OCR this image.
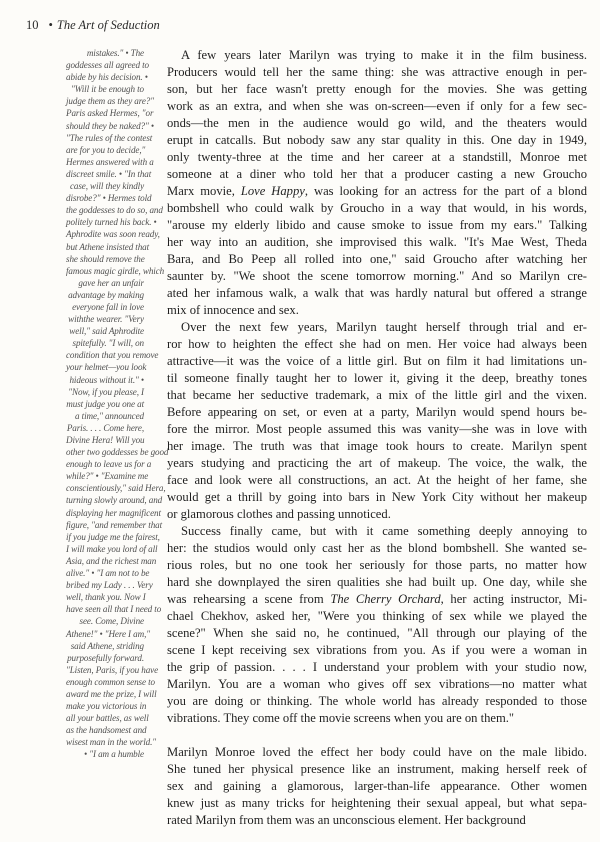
10 • The Art of Seduction
mistakes." • The
goddesses all agreed to
abide by his decision. •
"Will it be enough to
judge them as they are?"
Paris asked Hermes, "or
should they be naked?" •
"The rules of the contest
are for you to decide,"
Hermes answered with a
discreet smile. • "In that
case, will they kindly
disrobe?" • Hermes told
the goddesses to do so, and
politely turned his back. •
Aphrodite was soon ready,
but Athene insisted that
she should remove the
famous magic girdle, which
gave her an unfair
advantage by making
everyone fall in love
withthe wearer. "Very
well," said Aphrodite
spitefully. "I will, on
condition that you remove
your helmet—you look
hideous without it." •
"Now, if you please, I
must judge you one at
a time," announced
Paris. . . . Come here,
Divine Hera! Will you
other two goddesses be good
enough to leave us for a
while?" • "Examine me
conscientiously," said Hera,
turning slowly around, and
displaying her magnificent
figure, "and remember that
if you judge me the fairest,
I will make you lord of all
Asia, and the richest man
alive." • "I am not to be
bribed my Lady . . . Very
well, thank you. Now I
have seen all that I need to
see. Come, Divine
Athene!" • "Here I am,"
said Athene, striding
purposefully forward.
"Listen, Paris, if you have
enough common sense to
award me the prize, I will
make you victorious in
all your battles, as well
as the handsomest and
wisest man in the world."
• "I am a humble
A few years later Marilyn was trying to make it in the film business.
Producers would tell her the same thing: she was attractive enough in per-
son, but her face wasn't pretty enough for the movies. She was getting
work as an extra, and when she was on-screen—even if only for a few sec-
onds—the men in the audience would go wild, and the theaters would
erupt in catcalls. But nobody saw any star quality in this. One day in 1949,
only twenty-three at the time and her career at a standstill, Monroe met
someone at a diner who told her that a producer casting a new Groucho
Marx movie, Love Happy, was looking for an actress for the part of a blond
bombshell who could walk by Groucho in a way that would, in his words,
"arouse my elderly libido and cause smoke to issue from my ears." Talking
her way into an audition, she improvised this walk. "It's Mae West, Theda
Bara, and Bo Peep all rolled into one," said Groucho after watching her
saunter by. "We shoot the scene tomorrow morning." And so Marilyn cre-
ated her infamous walk, a walk that was hardly natural but offered a strange
mix of innocence and sex.
Over the next few years, Marilyn taught herself through trial and er-
ror how to heighten the effect she had on men. Her voice had always been
attractive—it was the voice of a little girl. But on film it had limitations un-
til someone finally taught her to lower it, giving it the deep, breathy tones
that became her seductive trademark, a mix of the little girl and the vixen.
Before appearing on set, or even at a party, Marilyn would spend hours be-
fore the mirror. Most people assumed this was vanity—she was in love with
her image. The truth was that image took hours to create. Marilyn spent
years studying and practicing the art of makeup. The voice, the walk, the
face and look were all constructions, an act. At the height of her fame, she
would get a thrill by going into bars in New York City without her makeup
or glamorous clothes and passing unnoticed.
Success finally came, but with it came something deeply annoying to
her: the studios would only cast her as the blond bombshell. She wanted se-
rious roles, but no one took her seriously for those parts, no matter how
hard she downplayed the siren qualities she had built up. One day, while she
was rehearsing a scene from The Cherry Orchard, her acting instructor, Mi-
chael Chekhov, asked her, "Were you thinking of sex while we played the
scene?" When she said no, he continued, "All through our playing of the
scene I kept receiving sex vibrations from you. As if you were a woman in
the grip of passion. . . . I understand your problem with your studio now,
Marilyn. You are a woman who gives off sex vibrations—no matter what
you are doing or thinking. The whole world has already responded to those
vibrations. They come off the movie screens when you are on them."
Marilyn Monroe loved the effect her body could have on the male libido.
She tuned her physical presence like an instrument, making herself reek of
sex and gaining a glamorous, larger-than-life appearance. Other women
knew just as many tricks for heightening their sexual appeal, but what sepa-
rated Marilyn from them was an unconscious element. Her background
